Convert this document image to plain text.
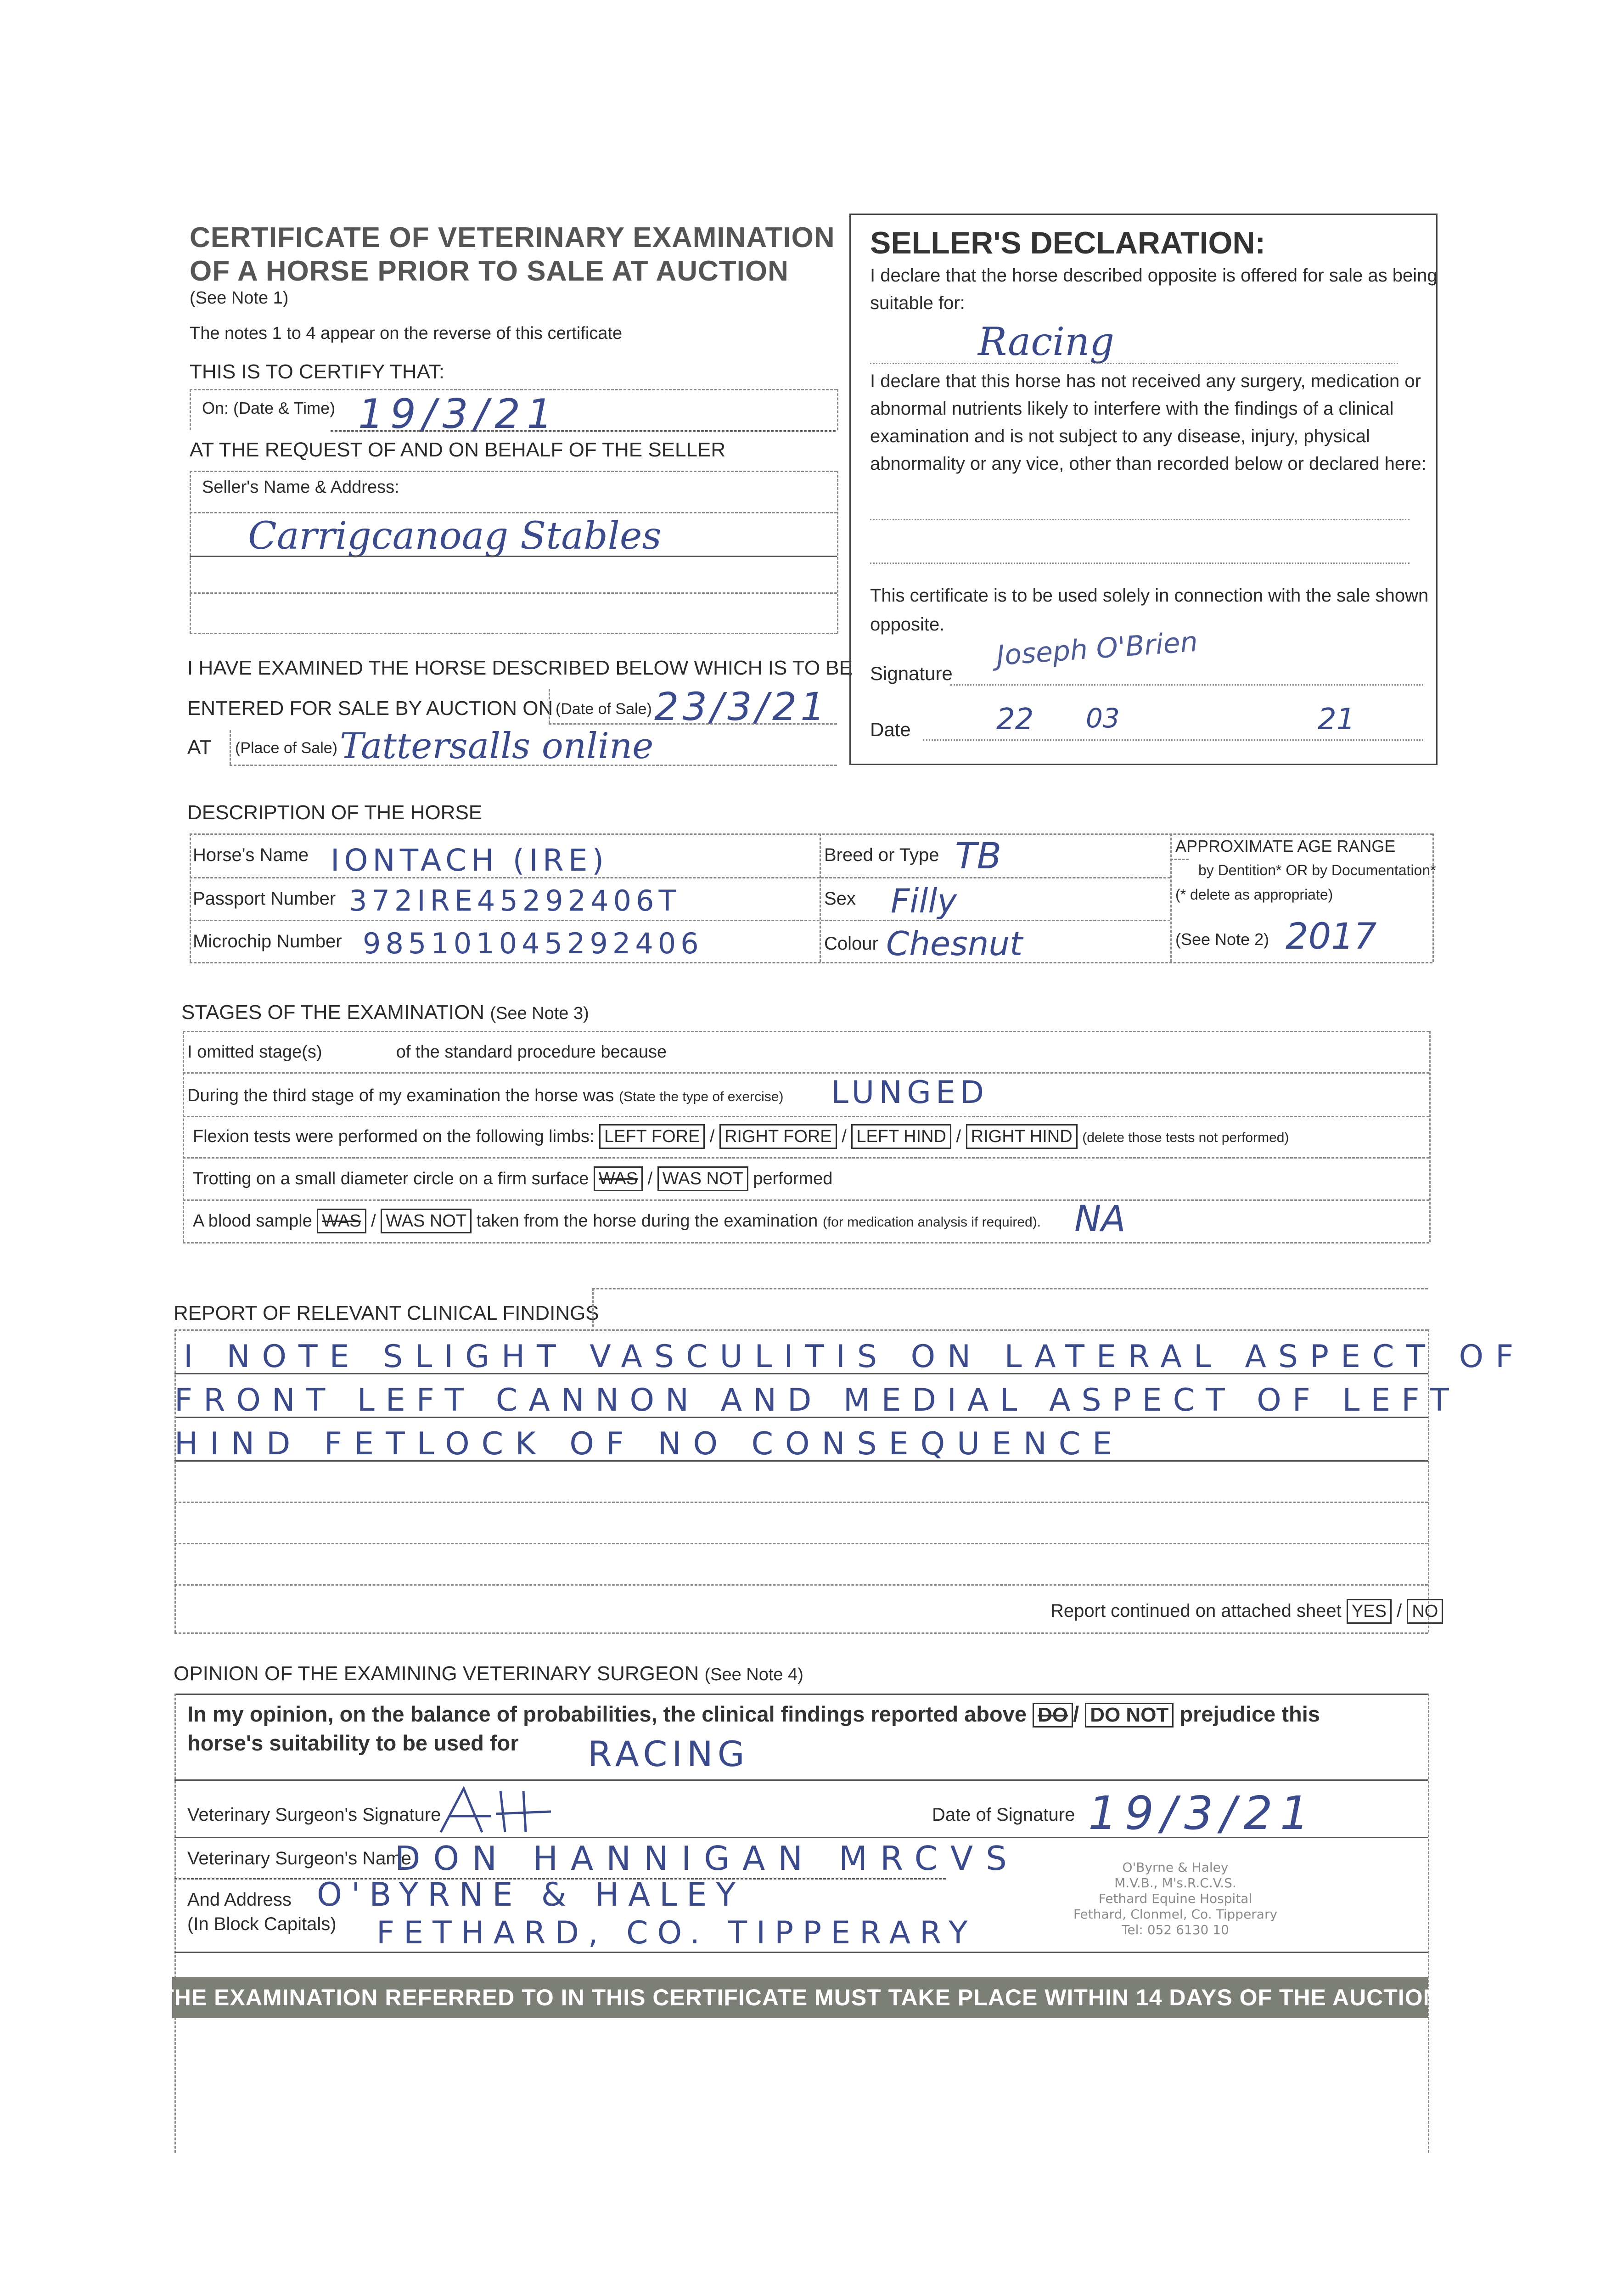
CERTIFICATE OF VETERINARY EXAMINATION
OF A HORSE PRIOR TO SALE AT AUCTION
(See Note 1)
The notes 1 to 4 appear on the reverse of this certificate
THIS IS TO CERTIFY THAT:
On: (Date & Time) 19/3/21
AT THE REQUEST OF AND ON BEHALF OF THE SELLER
Seller's Name & Address:
Carrigcanoag Stables
I HAVE EXAMINED THE HORSE DESCRIBED BELOW WHICH IS TO BE
ENTERED FOR SALE BY AUCTION ON (Date of Sale) 23/3/21
AT (Place of Sale) Tattersalls online
SELLER'S DECLARATION:
I declare that the horse described opposite is offered for sale as being
suitable for:
Racing
I declare that this horse has not received any surgery, medication or
abnormal nutrients likely to interfere with the findings of a clinical
examination and is not subject to any disease, injury, physical
abnormality or any vice, other than recorded below or declared here:
This certificate is to be used solely in connection with the sale shown
opposite.
Signature
Joseph O'Brien
Date	22 03	21
DESCRIPTION OF THE HORSE
Horse's Name IONTACH (IRE)
Passport Number 372IRE45292406T
Microchip Number 985101045292406
Breed or Type TB
Sex Filly
Colour Chesnut
APPROXIMATE AGE RANGE
by Dentition* OR by Documentation*
(* delete as appropriate)
(See Note 2) 2017
STAGES OF THE EXAMINATION (See Note 3)
I omitted stage(s)	of the standard procedure because
During the third stage of my examination the horse was (State the type of exercise) LUNGED
Flexion tests were performed on the following limbs: LEFT FORE / RIGHT FORE / LEFT HIND / RIGHT HIND (delete those tests not performed)
Trotting on a small diameter circle on a firm surface WAS / WAS NOT performed
A blood sample WAS / WAS NOT taken from the horse during the examination (for medication analysis if required). NA
REPORT OF RELEVANT CLINICAL FINDINGS
I NOTE SLIGHT VASCULITIS ON LATERAL ASPECT OF
FRONT LEFT CANNON AND MEDIAL ASPECT OF LEFT
HIND FETLOCK OF NO CONSEQUENCE
Report continued on attached sheet YES / NO
OPINION OF THE EXAMINING VETERINARY SURGEON (See Note 4)
In my opinion, on the balance of probabilities, the clinical findings reported above DO / DO NOT prejudice this
horse's suitability to be used for RACING
Veterinary Surgeon's Signature	Date of Signature 19/3/21
Veterinary Surgeon's Name
DON HANNIGAN MRCVS
And Address
(In Block Capitals)
O'BYRNE & HALEY
FETHARD, CO. TIPPERARY
O'Byrne & Haley
M.V.B., M's.R.C.V.S.
Fethard Equine Hospital
Fethard, Clonmel, Co. Tipperary
Tel: 052 6130 10
THE EXAMINATION REFERRED TO IN THIS CERTIFICATE MUST TAKE PLACE WITHIN 14 DAYS OF THE AUCTION
